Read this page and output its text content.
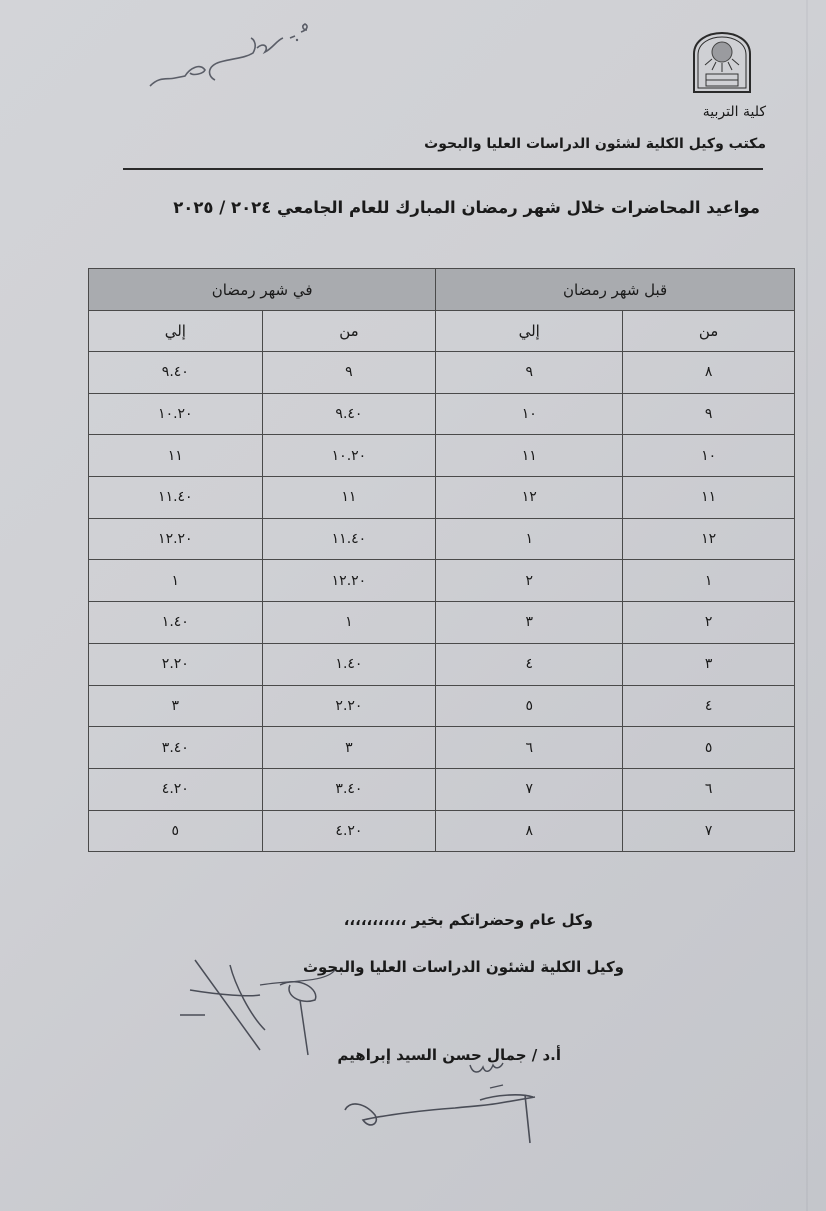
كلية التربية
مكتب وكيل الكلية لشئون الدراسات العليا والبحوث
مواعيد المحاضرات خلال شهر رمضان المبارك للعام الجامعي ٢٠٢٤ / ٢٠٢٥
قبل شهر رمضان		في شهر رمضان	
من	إلي	من	إلي
٨	٩	٩	٩.٤٠
٩	١٠	٩.٤٠	١٠.٢٠
١٠	١١	١٠.٢٠	١١
١١	١٢	١١	١١.٤٠
١٢	١	١١.٤٠	١٢.٢٠
١	٢	١٢.٢٠	١
٢	٣	١	١.٤٠
٣	٤	١.٤٠	٢.٢٠
٤	٥	٢.٢٠	٣
٥	٦	٣	٣.٤٠
٦	٧	٣.٤٠	٤.٢٠
٧	٨	٤.٢٠	٥
وكل عام وحضراتكم بخير ،،،،،،،،،،،
وكيل الكلية لشئون الدراسات العليا والبحوث
أ.د / جمال حسن السيد إبراهيم
